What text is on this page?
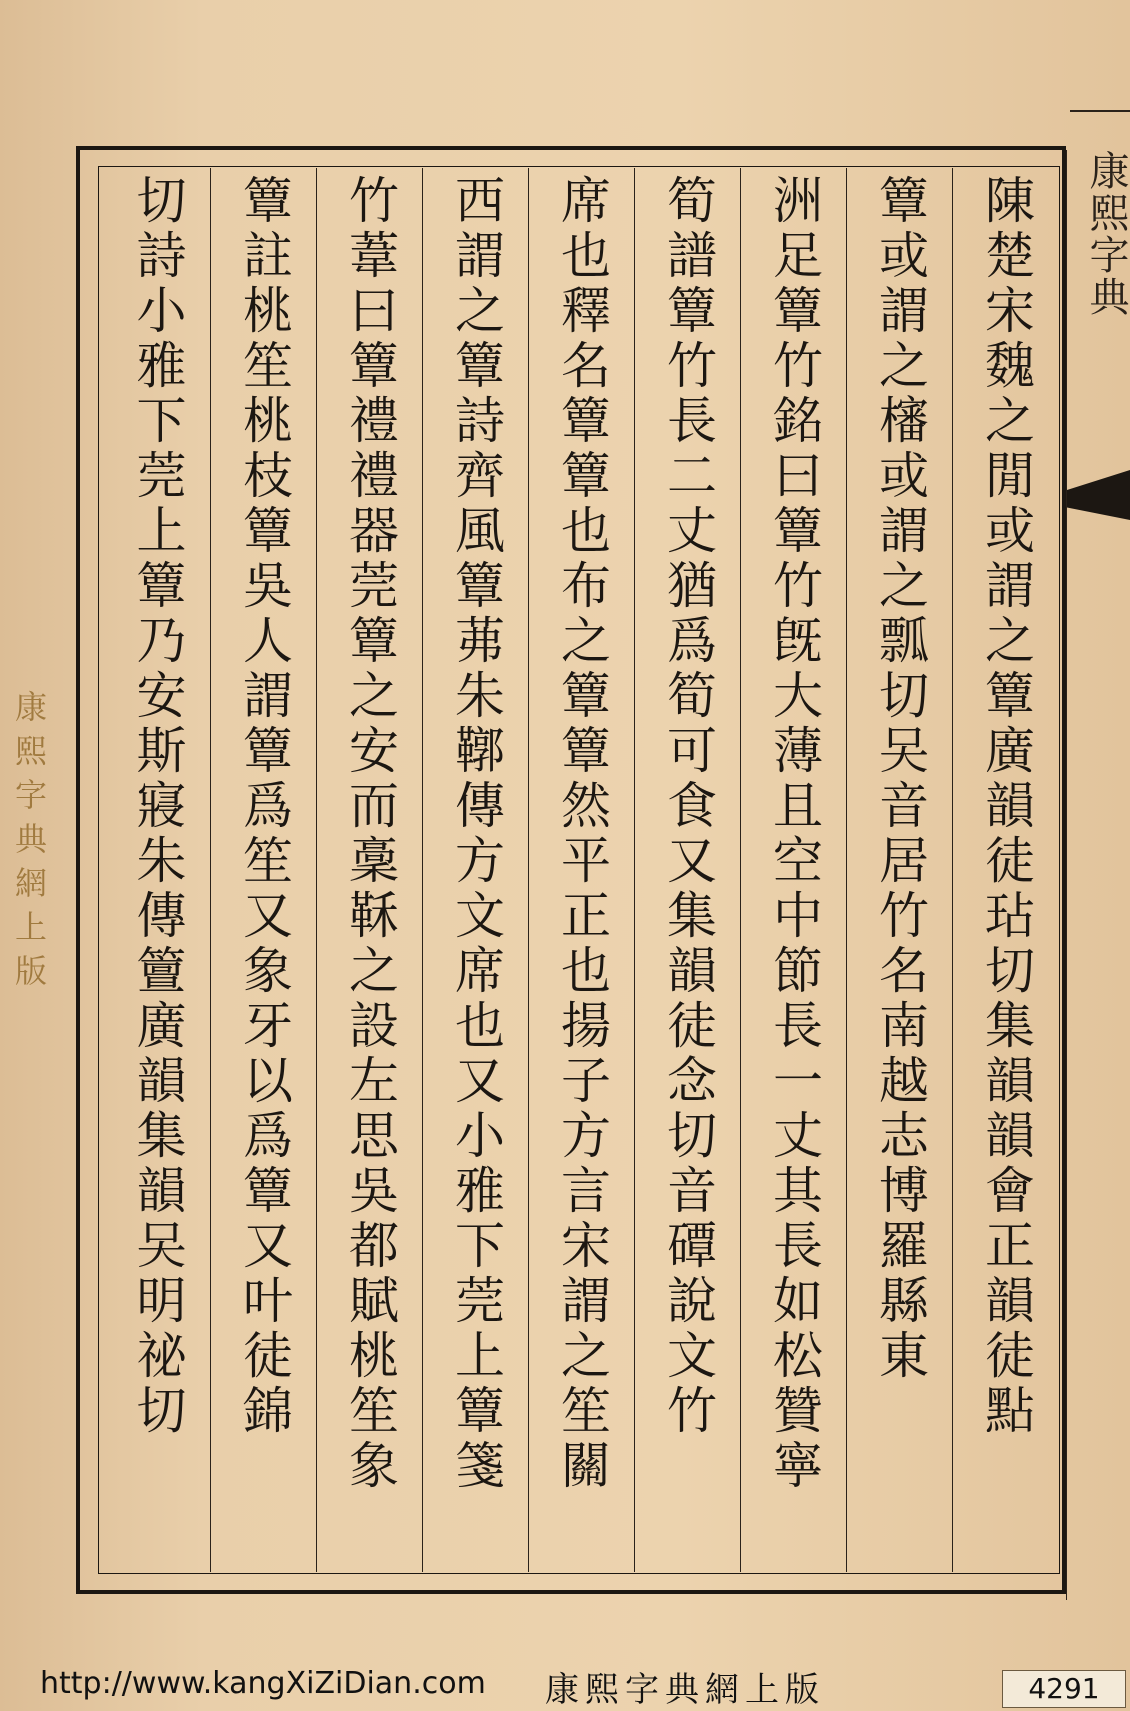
康熙字典
陳楚宋魏之閒或謂之簟廣韻徒玷切集韻韻會正韻徒點
簟或謂之㰂或謂之瓢切㕦音居竹名南越志博羅縣東
洲足簟竹銘曰簟竹旣大薄且空中節長一丈其長如松贊寧
筍譜簟竹長二丈猶爲筍可食又集韻徒念切音磹說文竹
席也釋名簟簟也布之簟簟然平正也揚子方言宋謂之笙關
西謂之簟詩齊風簟茀朱鞹傳方文席也又小雅下莞上簟箋
竹葦曰簟禮禮器莞簟之安而稾鞂之設左思吳都賦桃笙象
簟註桃笙桃枝簟吳人謂簟爲笙又象牙以爲簟又叶徒錦
切詩小雅下莞上簟乃安斯寢朱傳䉡廣韻集韻㕦明祕切
康熙字典網上版
http://www.kangXiZiDian.com 康熙字典網上版	4291
